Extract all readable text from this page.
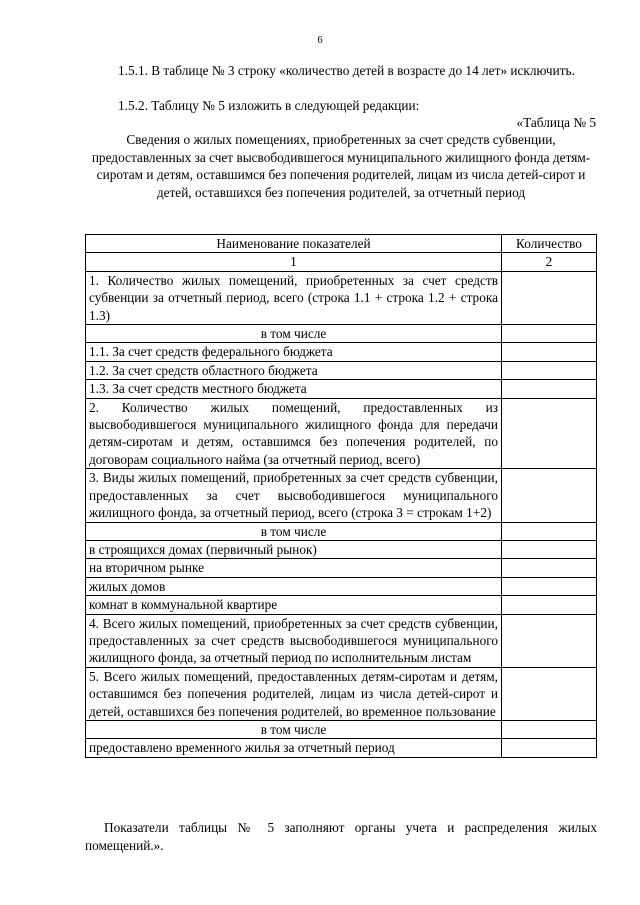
6
1.5.1. В таблице № 3 строку «количество детей в возрасте до 14 лет» исключить.
1.5.2. Таблицу № 5 изложить в следующей редакции:
«Таблица № 5
Сведения о жилых помещениях, приобретенных за счет средств субвенции, предоставленных за счет высвободившегося муниципального жилищного фонда детям-сиротам и детям, оставшимся без попечения родителей, лицам из числа детей-сирот и детей, оставшихся без попечения родителей, за отчетный период
Наименование показателей	Количество
1	2
1. Количество жилых помещений, приобретенных за счет средств субвенции за отчетный период, всего (строка 1.1 + строка 1.2 + строка 1.3)	
в том числе	
1.1. За счет средств федерального бюджета	
1.2. За счет средств областного бюджета	
1.3. За счет средств местного бюджета	
2. Количество жилых помещений, предоставленных из высвободившегося муниципального жилищного фонда для передачи детям-сиротам и детям, оставшимся без попечения родителей, по договорам социального найма (за отчетный период, всего)	
3. Виды жилых помещений, приобретенных за счет средств субвенции, предоставленных за счет высвободившегося муниципального жилищного фонда, за отчетный период, всего (строка 3 = строкам 1+2)	
в том числе	
в строящихся домах (первичный рынок)	
на вторичном рынке	
жилых домов	
комнат в коммунальной квартире	
4. Всего жилых помещений, приобретенных за счет средств субвенции, предоставленных за счет средств высвободившегося муниципального жилищного фонда, за отчетный период по исполнительным листам	
5. Всего жилых помещений, предоставленных детям-сиротам и детям, оставшимся без попечения родителей, лицам из числа детей-сирот и детей, оставшихся без попечения родителей, во временное пользование	
в том числе	
предоставлено временного жилья за отчетный период	
Показатели таблицы № 5 заполняют органы учета и распределения жилых помещений.».
